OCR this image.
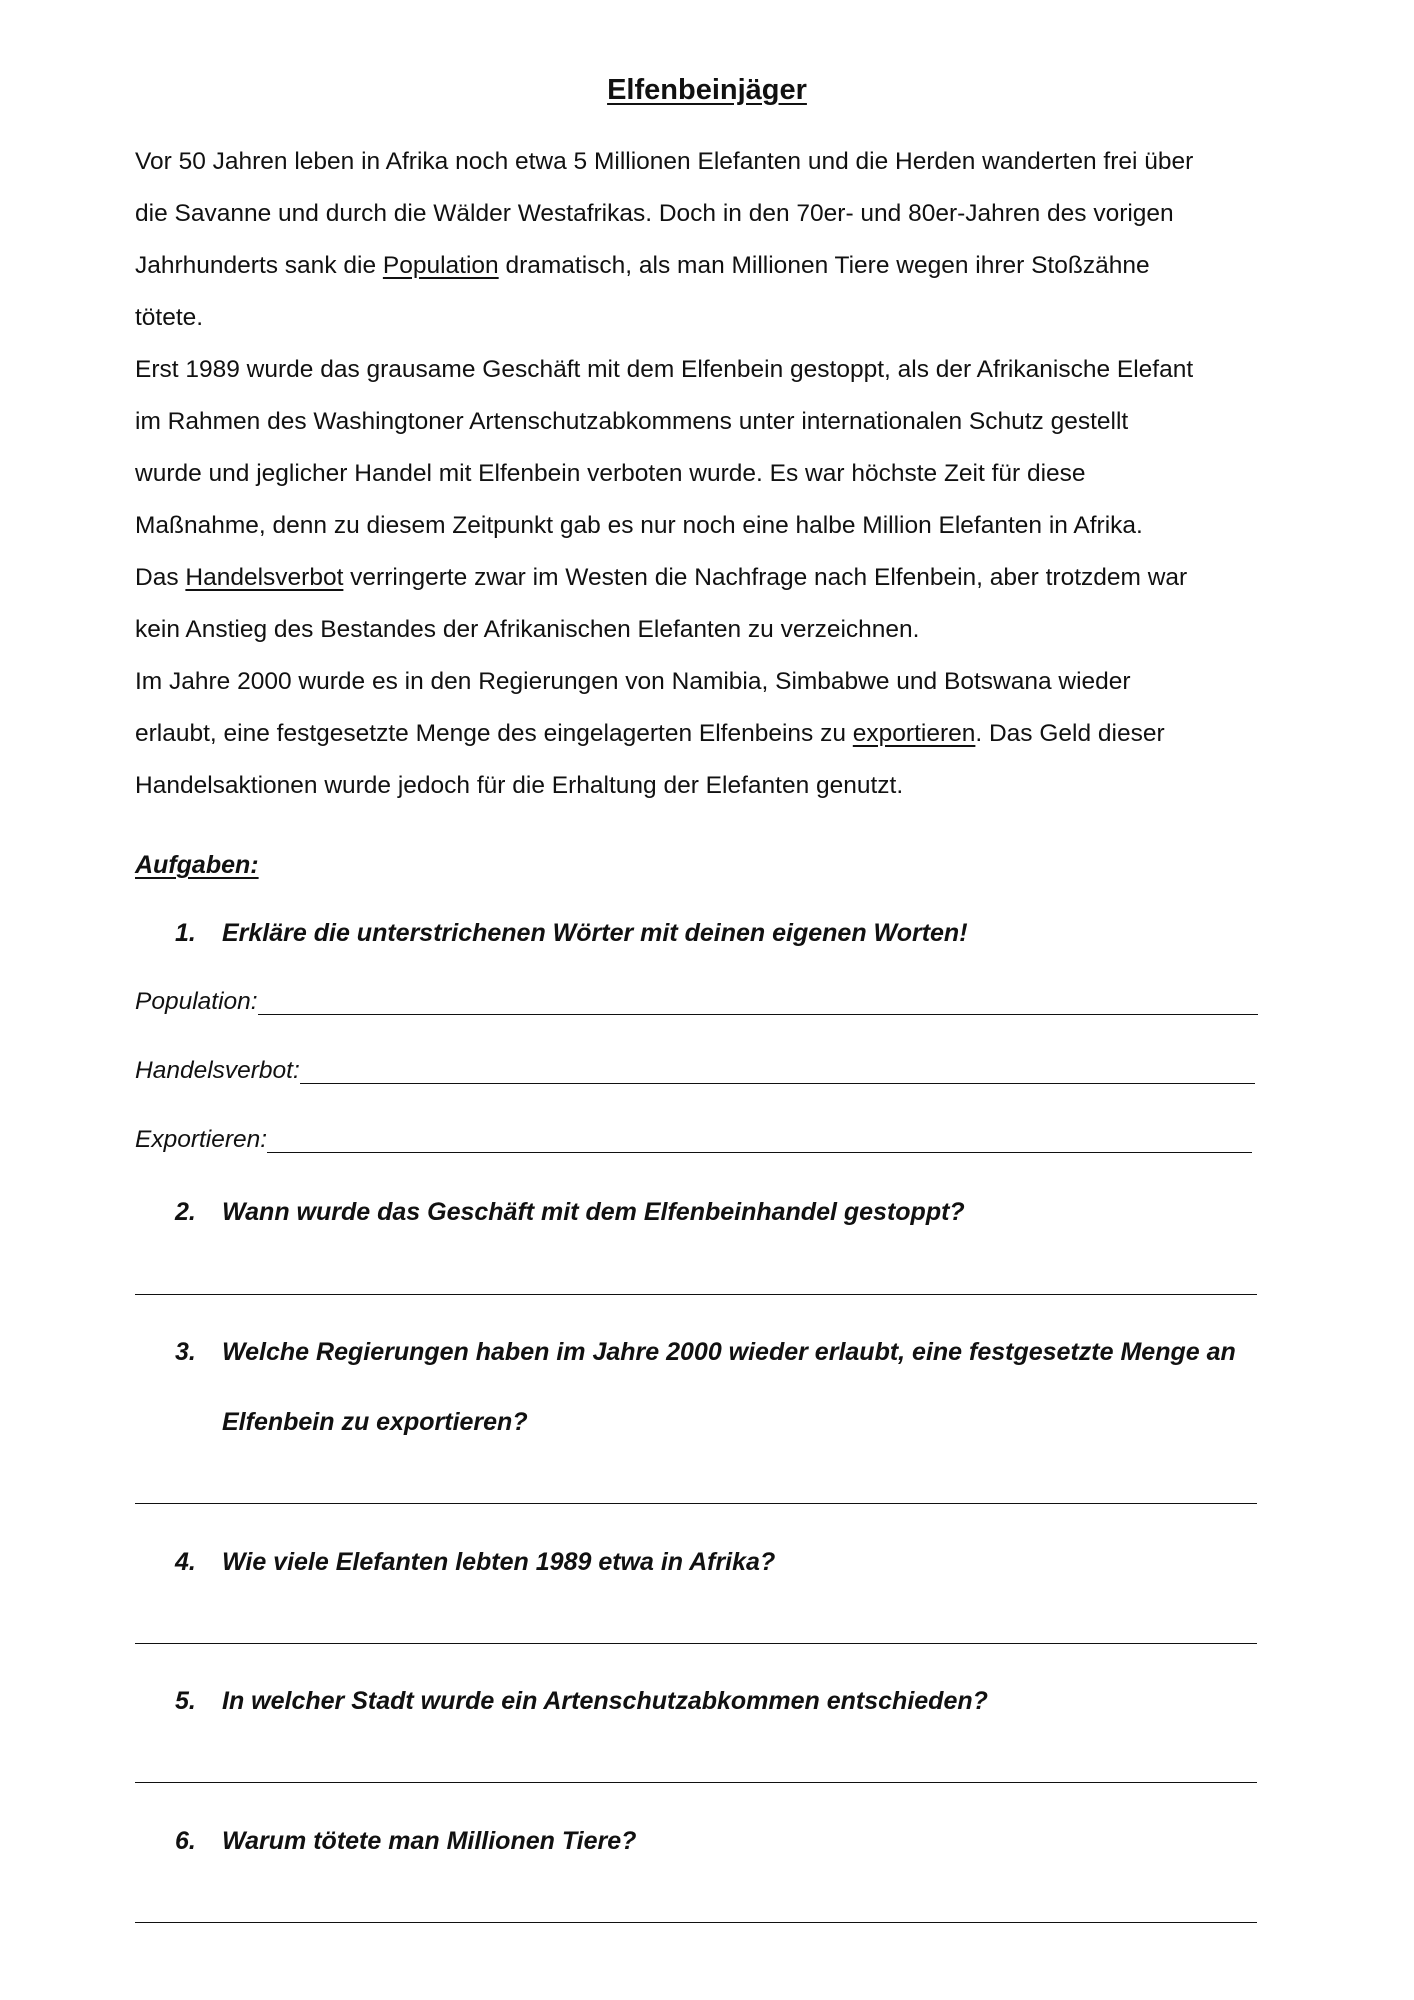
Elfenbeinjäger
Vor 50 Jahren leben in Afrika noch etwa 5 Millionen Elefanten und die Herden wanderten frei über
die Savanne und durch die Wälder Westafrikas. Doch in den 70er- und 80er-Jahren des vorigen
Jahrhunderts sank die Population dramatisch, als man Millionen Tiere wegen ihrer Stoßzähne
tötete.
Erst 1989 wurde das grausame Geschäft mit dem Elfenbein gestoppt, als der Afrikanische Elefant
im Rahmen des Washingtoner Artenschutzabkommens unter internationalen Schutz gestellt
wurde und jeglicher Handel mit Elfenbein verboten wurde. Es war höchste Zeit für diese
Maßnahme, denn zu diesem Zeitpunkt gab es nur noch eine halbe Million Elefanten in Afrika.
Das Handelsverbot verringerte zwar im Westen die Nachfrage nach Elfenbein, aber trotzdem war
kein Anstieg des Bestandes der Afrikanischen Elefanten zu verzeichnen.
Im Jahre 2000 wurde es in den Regierungen von Namibia, Simbabwe und Botswana wieder
erlaubt, eine festgesetzte Menge des eingelagerten Elfenbeins zu exportieren. Das Geld dieser
Handelsaktionen wurde jedoch für die Erhaltung der Elefanten genutzt.
Aufgaben:
1. Erkläre die unterstrichenen Wörter mit deinen eigenen Worten!
Population:
Handelsverbot:
Exportieren:
2. Wann wurde das Geschäft mit dem Elfenbeinhandel gestoppt?
3. Welche Regierungen haben im Jahre 2000 wieder erlaubt, eine festgesetzte Menge an
Elfenbein zu exportieren?
4. Wie viele Elefanten lebten 1989 etwa in Afrika?
5. In welcher Stadt wurde ein Artenschutzabkommen entschieden?
6. Warum tötete man Millionen Tiere?
